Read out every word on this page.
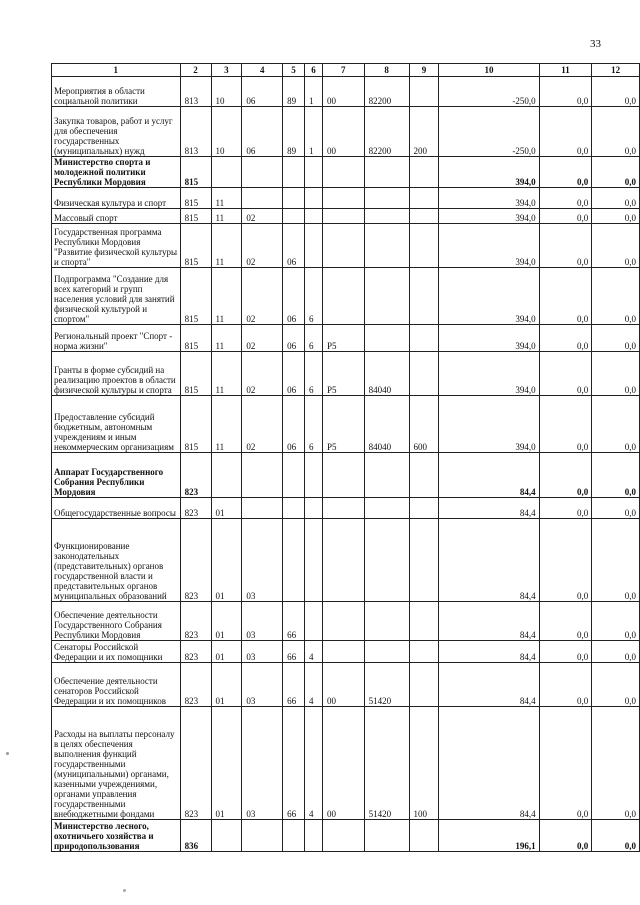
33
1	2	3	4	5	6	7	8	9	10	11	12
Мероприятия в области социальной политики	813	10	06	89	1	00	82200		-250,0	0,0	0,0
Закупка товаров, работ и услуг для обеспечения государственных (муниципальных) нужд	813	10	06	89	1	00	82200	200	-250,0	0,0	0,0
Министерство спорта и молодежной политики Республики Мордовия	815								394,0	0,0	0,0
Физическая культура и спорт	815	11							394,0	0,0	0,0
Массовый спорт	815	11	02						394,0	0,0	0,0
Государственная программа Республики Мордовия "Развитие физической культуры и спорта"	815	11	02	06					394,0	0,0	0,0
Подпрограмма "Создание для всех категорий и групп населения условий для занятий физической культурой и спортом"	815	11	02	06	6				394,0	0,0	0,0
Региональный проект "Спорт - норма жизни"	815	11	02	06	6	P5			394,0	0,0	0,0
Гранты в форме субсидий на реализацию проектов в области физической культуры и спорта	815	11	02	06	6	P5	84040		394,0	0,0	0,0
Предоставление субсидий бюджетным, автономным учреждениям и иным некоммерческим организациям	815	11	02	06	6	P5	84040	600	394,0	0,0	0,0
Аппарат Государственного Собрания Республики Мордовия	823								84,4	0,0	0,0
Общегосударственные вопросы	823	01							84,4	0,0	0,0
Функционирование законодательных (представительных) органов государственной власти и представительных органов муниципальных образований	823	01	03						84,4	0,0	0,0
Обеспечение деятельности Государственного Собрания Республики Мордовия	823	01	03	66					84,4	0,0	0,0
Сенаторы Российской Федерации и их помощники	823	01	03	66	4				84,4	0,0	0,0
Обеспечение деятельности сенаторов Российской Федерации и их помощников	823	01	03	66	4	00	51420		84,4	0,0	0,0
Расходы на выплаты персоналу в целях обеспечения выполнения функций государственными (муниципальными) органами, казенными учреждениями, органами управления государственными внебюджетными фондами	823	01	03	66	4	00	51420	100	84,4	0,0	0,0
Министерство лесного, охотничьего хозяйства и природопользования	836								196,1	0,0	0,0
